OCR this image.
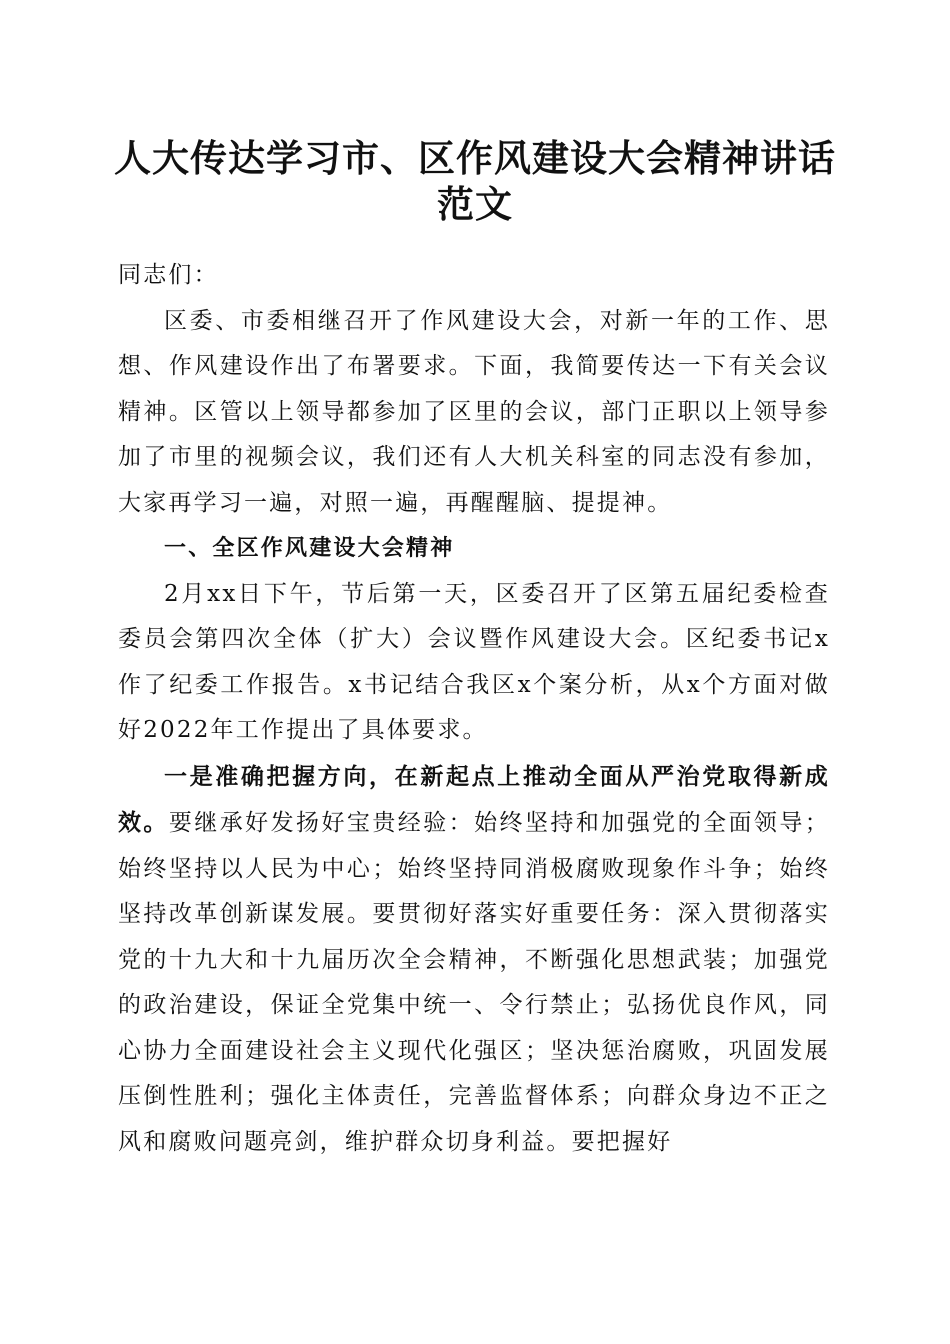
人大传达学习市、区作风建设大会精神讲话范文

同志们：

区委、市委相继召开了作风建设大会，对新一年的工作、思想、作风建设作出了布署要求。下面，我简要传达一下有关会议精神。区管以上领导都参加了区里的会议，部门正职以上领导参加了市里的视频会议，我们还有人大机关科室的同志没有参加，大家再学习一遍，对照一遍，再醒醒脑、提提神。

一、全区作风建设大会精神

2月xx日下午，节后第一天，区委召开了区第五届纪委检查委员会第四次全体（扩大）会议暨作风建设大会。区纪委书记x作了纪委工作报告。x书记结合我区x个案分析，从x个方面对做好2022年工作提出了具体要求。

一是准确把握方向，在新起点上推动全面从严治党取得新成效。要继承好发扬好宝贵经验：始终坚持和加强党的全面领导；始终坚持以人民为中心；始终坚持同消极腐败现象作斗争；始终坚持改革创新谋发展。要贯彻好落实好重要任务：深入贯彻落实党的十九大和十九届历次全会精神，不断强化思想武装；加强党的政治建设，保证全党集中统一、令行禁止；弘扬优良作风，同心协力全面建设社会主义现代化强区；坚决惩治腐败，巩固发展压倒性胜利；强化主体责任，完善监督体系；向群众身边不正之风和腐败问题亮剑，维护群众切身利益。要把握好
